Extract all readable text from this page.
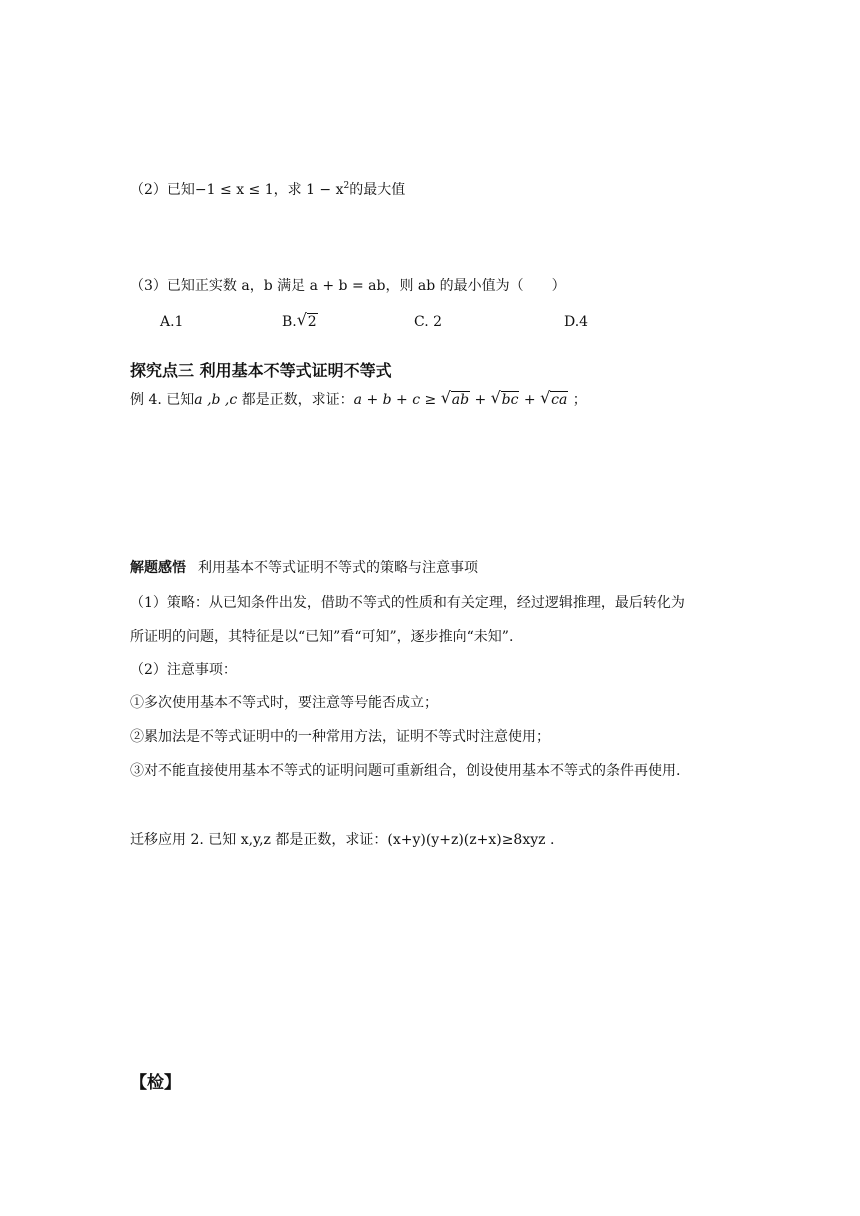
（2）已知−1 ≤ x ≤ 1，求 $1 - x^2$的最大值
（3）已知正实数 a，b 满足 a + b = ab，则 ab 的最小值为（　　）
A.1	B.√ 2	C. 2	D.4
探究点三 利用基本不等式证明不等式
例 4. 已知a ,b ,c 都是正数，求证：a + b + c ≥ √ ab + √ bc + √ ca ；
解题感悟 利用基本不等式证明不等式的策略与注意事项
（1）策略：从已知条件出发，借助不等式的性质和有关定理，经过逻辑推理，最后转化为
所证明的问题，其特征是以“已知”看“可知”，逐步推向“未知”.
（2）注意事项：
①多次使用基本不等式时，要注意等号能否成立；
②累加法是不等式证明中的一种常用方法，证明不等式时注意使用；
③对不能直接使用基本不等式的证明问题可重新组合，创设使用基本不等式的条件再使用.
迁移应用 2. 已知 x,y,z 都是正数，求证：(x+y)(y+z)(z+x)≥8xyz .
【检】
